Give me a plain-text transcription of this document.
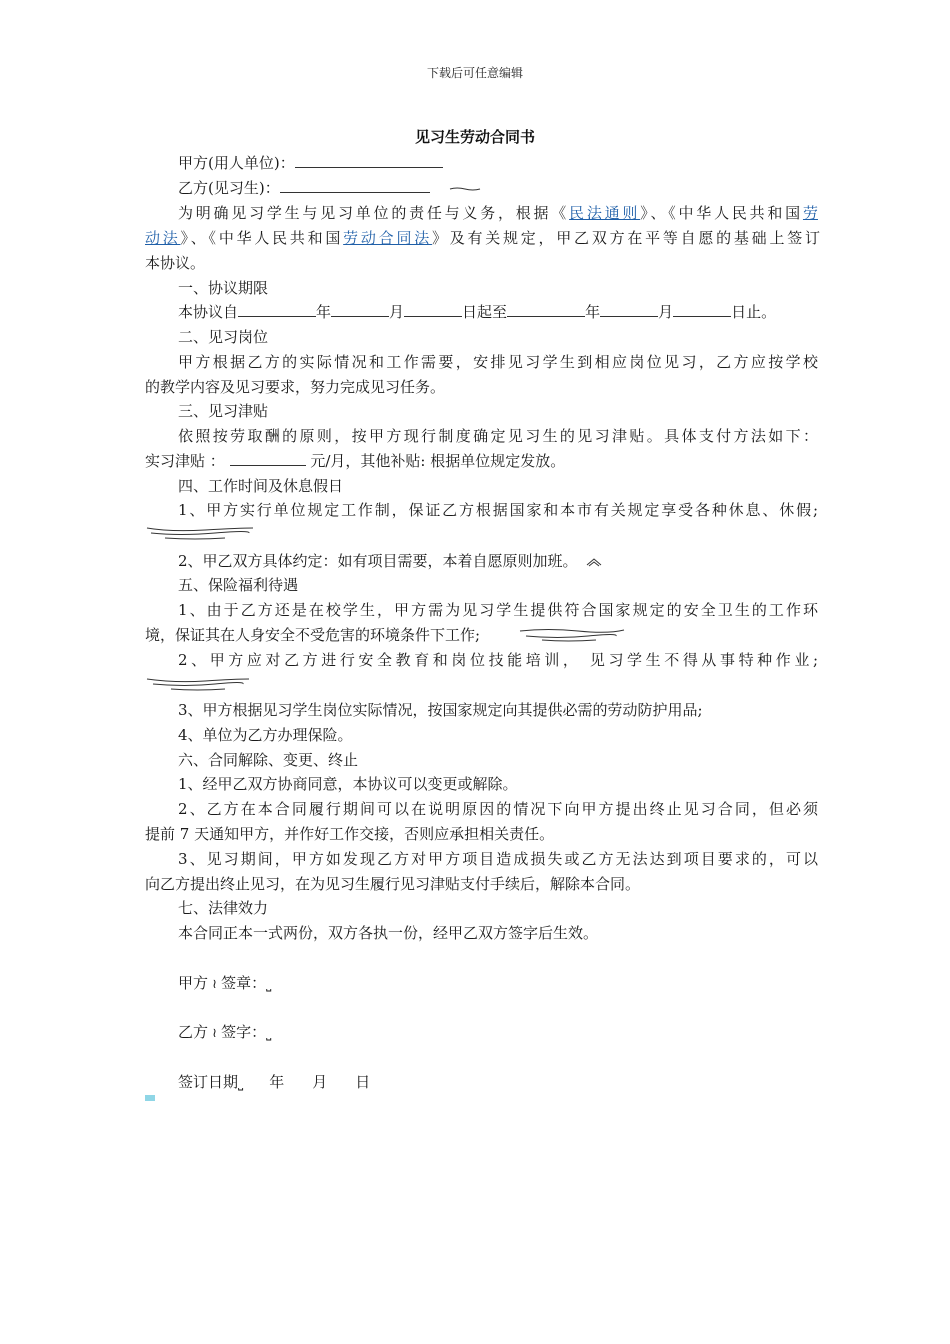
下载后可任意编辑
见习生劳动合同书
甲方(用人单位)：
乙方(见习生)：
为明确见习学生与见习单位的责任与义务，根据《民法通则》、《中华人民共和国劳
动法》、《中华人民共和国劳动合同法》及有关规定，甲乙双方在平等自愿的基础上签订
本协议。
一、协议期限
本协议自	年	月	日起至	年	月	日止。
二、见习岗位
甲方根据乙方的实际情况和工作需要，安排见习学生到相应岗位见习，乙方应按学校
的教学内容及见习要求，努力完成见习任务。
三、见习津贴
依照按劳取酬的原则，按甲方现行制度确定见习生的见习津贴。具体支付方法如下：
实习津贴 ：	元/月，其他补贴: 根据单位规定发放。
四、工作时间及休息假日
1、甲方实行单位规定工作制，保证乙方根据国家和本市有关规定享受各种休息、休假;
2、甲乙双方具体约定：如有项目需要，本着自愿原则加班。
五、保险福利待遇
1、由于乙方还是在校学生，甲方需为见习学生提供符合国家规定的安全卫生的工作环
境，保证其在人身安全不受危害的环境条件下工作;
2、甲方应对乙方进行安全教育和岗位技能培训， 见习学生不得从事特种作业;
3、甲方根据见习学生岗位实际情况，按国家规定向其提供必需的劳动防护用品;
4、单位为乙方办理保险。
六、合同解除、变更、终止
1、经甲乙双方协商同意，本协议可以变更或解除。
2、乙方在本合同履行期间可以在说明原因的情况下向甲方提出终止见习合同，但必须
提前 7 天通知甲方，并作好工作交接，否则应承担相关责任。
3、见习期间，甲方如发现乙方对甲方项目造成损失或乙方无法达到项目要求的，可以
向乙方提出终止见习，在为见习生履行见习津贴支付手续后，解除本合同。
七、法律效力
本合同正本一式两份，双方各执一份，经甲乙双方签字后生效。
甲方 ≀ 签章：⎵
乙方 ≀ 签字：⎵
签订日期⎵ 年 月 日
